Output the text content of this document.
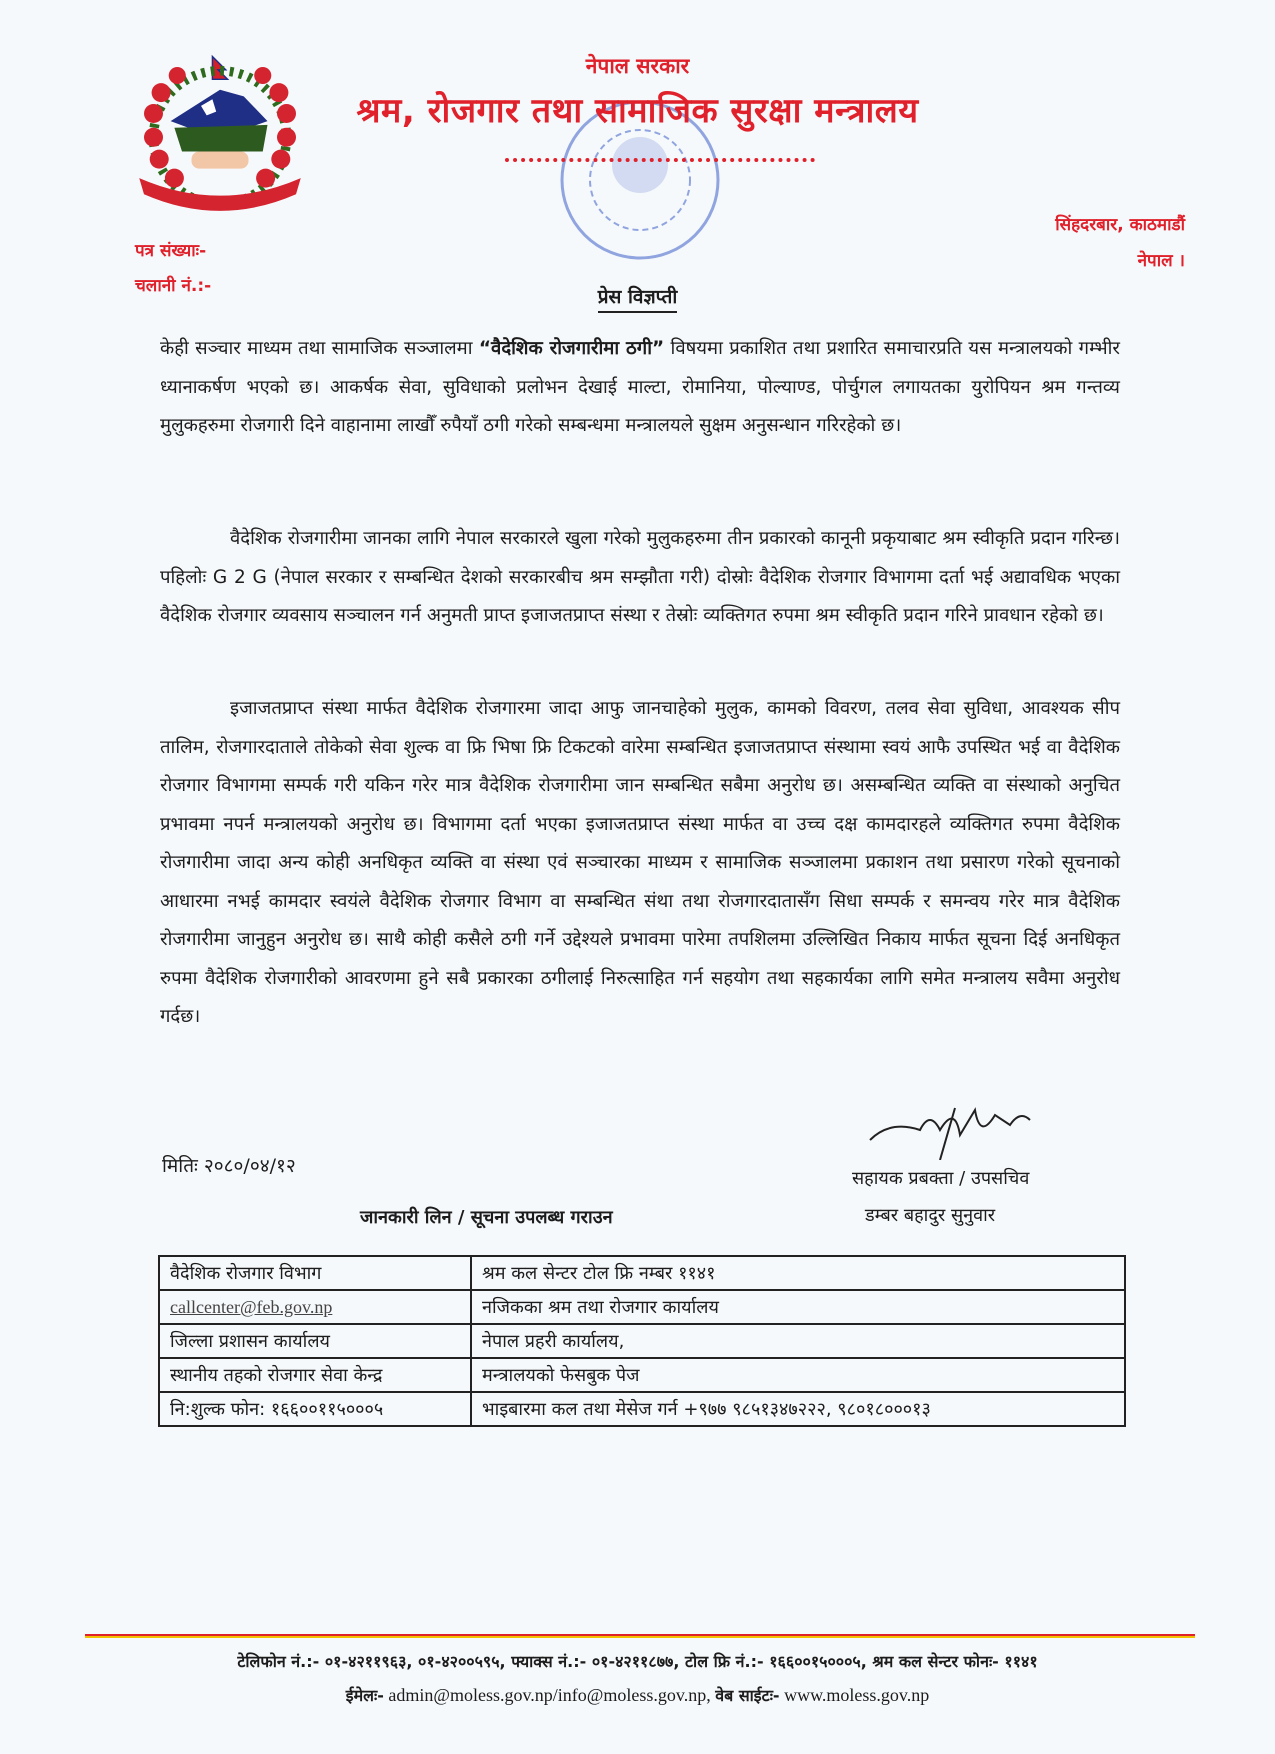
नेपाल सरकार
श्रम, रोजगार तथा सामाजिक सुरक्षा मन्त्रालय
पत्र संख्याः-
चलानी नं.:-
सिंहदरबार, काठमाडौं
नेपाल ।
प्रेस विज्ञप्ती
केही सञ्चार माध्यम तथा सामाजिक सञ्जालमा “वैदेशिक रोजगारीमा ठगी” विषयमा प्रकाशित तथा प्रशारित समाचारप्रति यस मन्त्रालयको गम्भीर ध्यानाकर्षण भएको छ। आकर्षक सेवा, सुविधाको प्रलोभन देखाई माल्टा, रोमानिया, पोल्याण्ड, पोर्चुगल लगायतका युरोपियन श्रम गन्तव्य मुलुकहरुमा रोजगारी दिने वाहानामा लाखौँ रुपैयाँ ठगी गरेको सम्बन्धमा मन्त्रालयले सुक्षम अनुसन्धान गरिरहेको छ।
वैदेशिक रोजगारीमा जानका लागि नेपाल सरकारले खुला गरेको मुलुकहरुमा तीन प्रकारको कानूनी प्रकृयाबाट श्रम स्वीकृति प्रदान गरिन्छ। पहिलोः G 2 G (नेपाल सरकार र सम्बन्धित देशको सरकारबीच श्रम सम्झौता गरी) दोस्रोः वैदेशिक रोजगार विभागमा दर्ता भई अद्यावधिक भएका वैदेशिक रोजगार व्यवसाय सञ्चालन गर्न अनुमती प्राप्त इजाजतप्राप्त संस्था र तेस्रोः व्यक्तिगत रुपमा श्रम स्वीकृति प्रदान गरिने प्रावधान रहेको छ।
इजाजतप्राप्त संस्था मार्फत वैदेशिक रोजगारमा जादा आफु जानचाहेको मुलुक, कामको विवरण, तलव सेवा सुविधा, आवश्यक सीप तालिम, रोजगारदाताले तोकेको सेवा शुल्क वा फ्रि भिषा फ्रि टिकटको वारेमा सम्बन्धित इजाजतप्राप्त संस्थामा स्वयं आफै उपस्थित भई वा वैदेशिक रोजगार विभागमा सम्पर्क गरी यकिन गरेर मात्र वैदेशिक रोजगारीमा जान सम्बन्धित सबैमा अनुरोध छ। असम्बन्धित व्यक्ति वा संस्थाको अनुचित प्रभावमा नपर्न मन्त्रालयको अनुरोध छ। विभागमा दर्ता भएका इजाजतप्राप्त संस्था मार्फत वा उच्च दक्ष कामदारहले व्यक्तिगत रुपमा वैदेशिक रोजगारीमा जादा अन्य कोही अनधिकृत व्यक्ति वा संस्था एवं सञ्चारका माध्यम र सामाजिक सञ्जालमा प्रकाशन तथा प्रसारण गरेको सूचनाको आधारमा नभई कामदार स्वयंले वैदेशिक रोजगार विभाग वा सम्बन्धित संथा तथा रोजगारदातासँग सिधा सम्पर्क र समन्वय गरेर मात्र वैदेशिक रोजगारीमा जानुहुन अनुरोध छ। साथै कोही कसैले ठगी गर्ने उद्देश्यले प्रभावमा पारेमा तपशिलमा उल्लिखित निकाय मार्फत सूचना दिई अनधिकृत रुपमा वैदेशिक रोजगारीको आवरणमा हुने सबै प्रकारका ठगीलाई निरुत्साहित गर्न सहयोग तथा सहकार्यका लागि समेत मन्त्रालय सवैमा अनुरोध गर्दछ।
मितिः २०८०/०४/१२
सहायक प्रबक्ता / उपसचिव
डम्बर बहादुर सुनुवार
जानकारी लिन / सूचना उपलब्ध गराउन
वैदेशिक रोजगार विभाग	श्रम कल सेन्टर टोल फ्रि नम्बर ११४१
callcenter@feb.gov.np	नजिकका श्रम तथा रोजगार कार्यालय
जिल्ला प्रशासन कार्यालय	नेपाल प्रहरी कार्यालय,
स्थानीय तहको रोजगार सेवा केन्द्र	मन्त्रालयको फेसबुक पेज
नि:शुल्क फोन: १६६००११५०००५	भाइबारमा कल तथा मेसेज गर्न +९७७ ९८५१३४७२२२, ९८०१८०००१३
टेलिफोन नं.:- ०१-४२११९६३, ०१-४२००५९५, फ्याक्स नं.:- ०१-४२११८७७, टोल फ्रि नं.:- १६६००१५०००५, श्रम कल सेन्टर फोनः- ११४१
ईमेलः- admin@moless.gov.np/info@moless.gov.np, वेब साईटः- www.moless.gov.np
